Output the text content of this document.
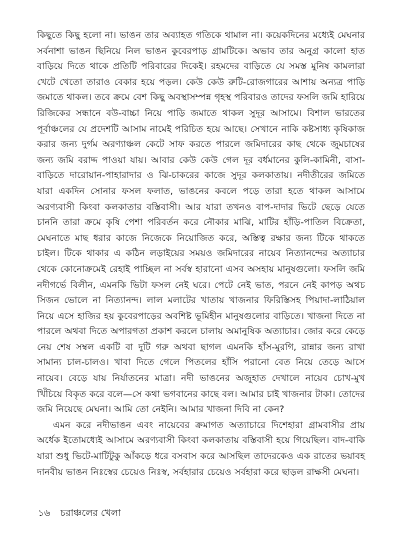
কিছুতে কিছু হলো না। ভাঙন তার অব্যাহত গতিকে থামাল না। কয়েকদিনের মধ্যেই মেঘনার সর্বনাশা ভাঙন ছিনিয়ে নিল ভাঙন কুবেরপাড় গ্রামটিকে। অভাব তার অনুগ্র কালো হাত বাড়িয়ে দিতে থাকে প্রতিটি পরিবারের দিকেই। রহমদের বাড়িতে যে সমস্ত মুনিষ কামলারা খেটে খেতো তারাও বেকার হয়ে পড়ল। কেউ কেউ রুটি-রোজগারের আশায় অন্যত্র পাড়ি জমাতে থাকল। তবে ক্রমে বেশ কিছু অবস্থাসম্পন্ন গৃহস্থ পরিবারও তাদের ফসলি জমি হারিয়ে রিজিকের সন্ধানে বউ-বাচ্চা নিয়ে পাড়ি জমাতে থাকল সুদূর আসামে। বিশাল ভারতের পূর্বাঞ্চলের যে প্রদেশটি আসাম নামেই পরিচিত হয়ে আছে। সেখানে নাকি কষ্টসাধ্য কৃষিকাজ করার জন্য দুর্গম অরণ্যাঞ্চল কেটে সাফ করতে পারলে জমিদারের কাছ থেকে জুমচাষের জন্য জমি বরাদ্দ পাওয়া যায়। আবার কেউ কেউ গেল দূর বর্ধমানের কুলি-কামিনী, বাসা-বাড়িতে দারোয়ান-পাহারাদার ও ঝি-চাকরের কাজে সুদূর কলকাতায়। নদীতীরের জমিতে যারা একদিন সোনার ফসল ফলাত, ভাঙনের কবলে পড়ে তারা হতে থাকল আসামে অরণ্যবাসী কিংবা কলকাতার বস্তিবাসী। আর যারা তখনও বাপ-দাদার ভিটে ছেড়ে যেতে চাননি তারা ক্রমে কৃষি পেশা পরিবর্তন করে নৌকার মাঝি, মাটির হাঁড়ি-পাতিল বিক্রেতা, মেঘনাতে মাছ ধরার কাজে নিজেকে নিয়োজিত করে, অস্তিত্ব রক্ষার জন্য টিকে থাকতে চাইল। টিকে থাকার এ কঠিন লড়াইয়ের সময়ও জমিদারের নায়েব নিত্যানন্দের অত্যাচার থেকে কোনোক্রমেই রেহাই পাচ্ছিল না সর্বস্ব হারানো এসব অসহায় মানুষগুলো। ফসলি জমি নদীগর্ভে বিলীন, এমনকি ভিটা ফসল নেই ঘরে। পেটে নেই ভাত, পরনে নেই কাপড় অথচ সিজন ভোলে না নিত্যানন্দ। লাল মলাটের খাতায় খাজনার ফিরিস্তিসহ পিয়াদা-লাঠিয়াল নিয়ে এসে হাজির হয় কুবেরপাড়ের অবশিষ্ট ভূমিহীন মানুষগুলোর বাড়িতে। খাজনা দিতে না পারলে অথবা দিতে অপারগতা প্রকাশ করলে চালায় অমানুষিক অত্যাচার। জোর করে কেড়ে নেয় শেষ সম্বল একটি বা দুটি গরু অথবা ছাগল এমনকি হাঁস-মুরগি, রান্নার জন্য রাখা সামান্য চাল-চালও। খাবা দিতে গেলে পিতলের হাঁসি পরানো বেত নিয়ে তেড়ে আসে নায়েব। বেড়ে যায় নির্যাতনের মাত্রা। নদী ভাঙনের অজুহাত দেখালে নায়েব চোখ-মুখ খিঁচিয়ে বিকৃত করে বলে—সে কথা ভগবানের কাছে বল। আমার চাই খাজনার টাকা। তোদের জমি নিয়েছে মেঘনা। আমি তো নেইনি। আমার খাজনা দিবি না কেন?

এমন করে নদীভাঙন এবং নায়েবের ক্রমাগত অত্যাচারে দিশেহারা গ্রামবাসীর প্রায় অর্ধেক ইতোমধ্যেই আসামে অরণ্যবাসী কিংবা কলকাতায় বস্তিবাসী হয়ে গিয়েছিল। বাদ-বাকি যারা শুধু ভিটে-মাটিটুকু আঁকড়ে ধরে বসবাস করে আসছিল তাদেরকেও এক রাতের ভয়াবহ দানবীয় ভাঙন নিঃস্বের চেয়েও নিঃস্ব, সর্বহারার চেয়েও সর্বহারা করে ছাড়ল রাক্ষসী মেঘনা।

১৬ চরাঞ্চলের খেলা
